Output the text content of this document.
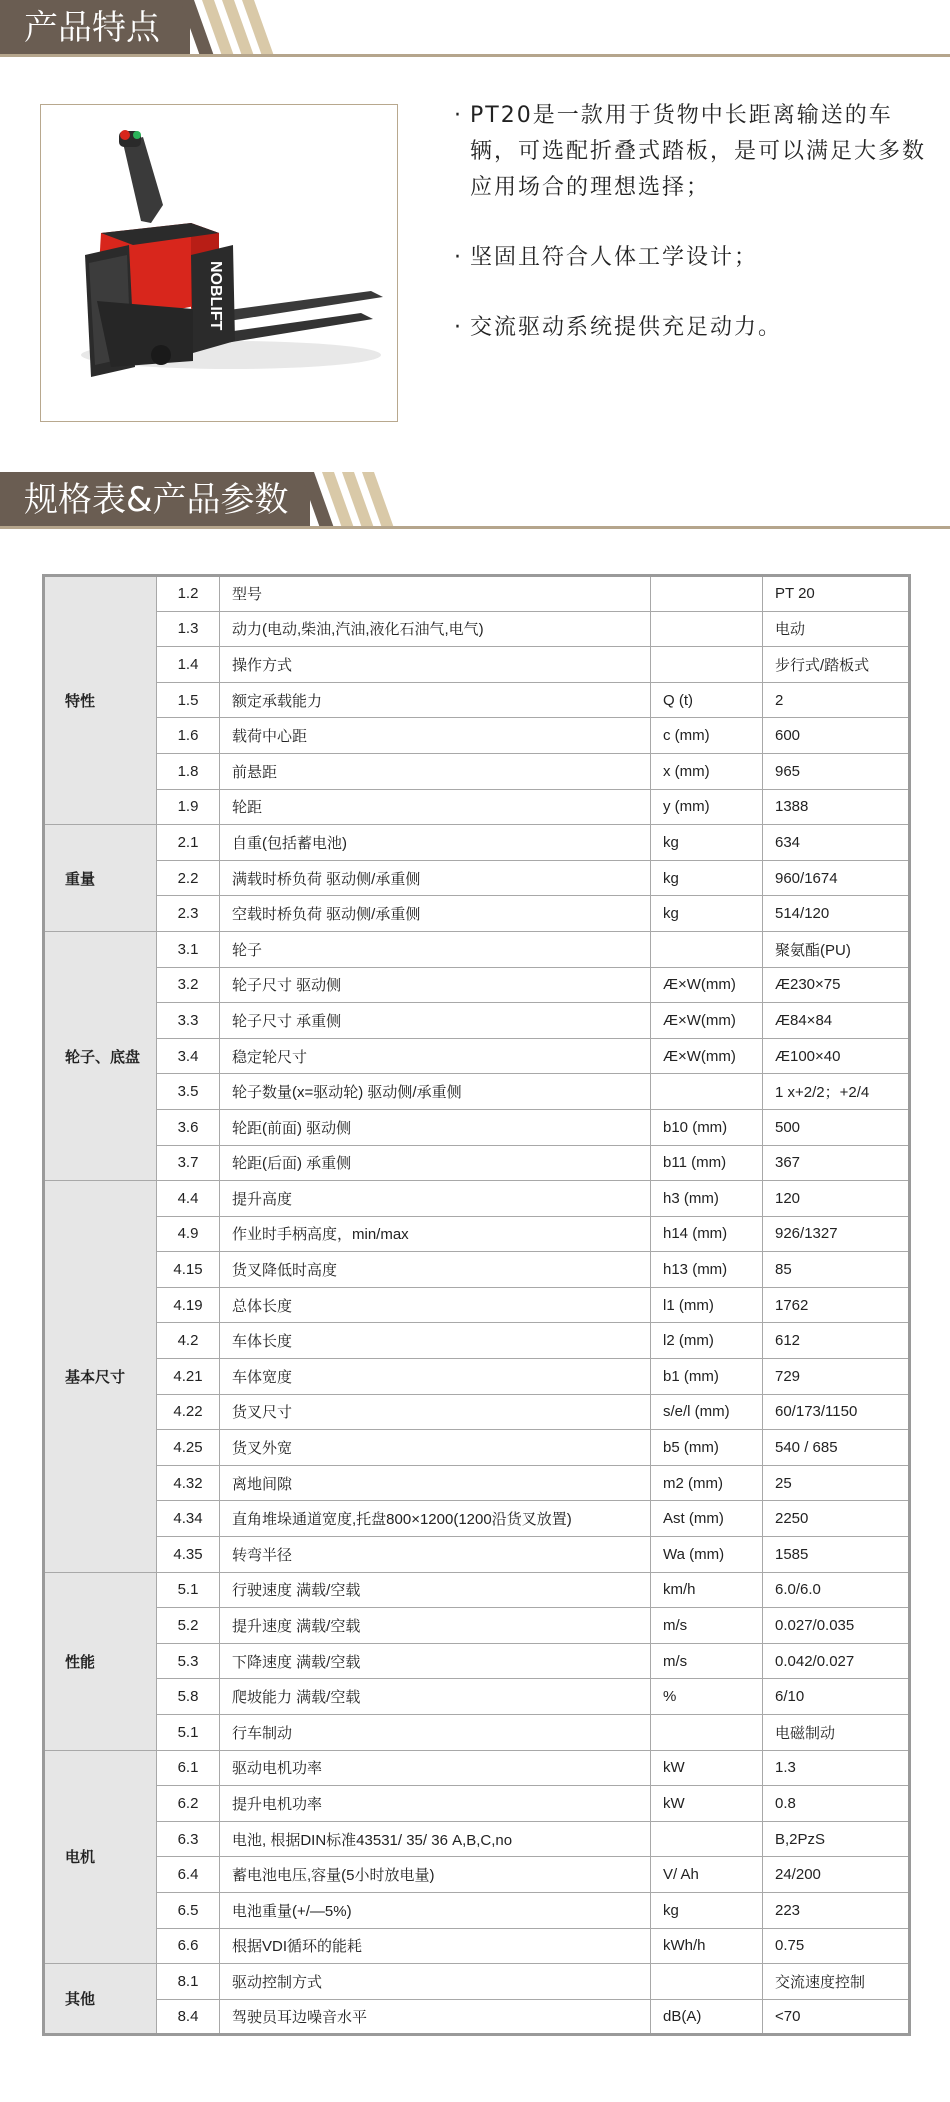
产品特点
NOBLIFT
· PT20是一款用于货物中长距离输送的车辆，可选配折叠式踏板，是可以满足大多数应用场合的理想选择；
· 坚固且符合人体工学设计；
· 交流驱动系统提供充足动力。
规格表&产品参数
特性	1.2	型号		PT 20
	1.3	动力(电动,柴油,汽油,液化石油气,电气)		电动
	1.4	操作方式		步行式/踏板式
	1.5	额定承载能力	Q (t)	2
	1.6	载荷中心距	c (mm)	600
	1.8	前悬距	x (mm)	965
	1.9	轮距	y (mm)	1388
重量	2.1	自重(包括蓄电池)	kg	634
	2.2	满载时桥负荷 驱动侧/承重侧	kg	960/1674
	2.3	空载时桥负荷 驱动侧/承重侧	kg	514/120
轮子、底盘	3.1	轮子		聚氨酯(PU)
	3.2	轮子尺寸 驱动侧	Æ×W(mm)	Æ230×75
	3.3	轮子尺寸 承重侧	Æ×W(mm)	Æ84×84
	3.4	稳定轮尺寸	Æ×W(mm)	Æ100×40
	3.5	轮子数量(x=驱动轮) 驱动侧/承重侧		1 x+2/2；+2/4
	3.6	轮距(前面) 驱动侧	b10 (mm)	500
	3.7	轮距(后面) 承重侧	b11 (mm)	367
基本尺寸	4.4	提升高度	h3 (mm)	120
	4.9	作业时手柄高度，min/max	h14 (mm)	926/1327
	4.15	货叉降低时高度	h13 (mm)	85
	4.19	总体长度	l1 (mm)	1762
	4.2	车体长度	l2 (mm)	612
	4.21	车体宽度	b1 (mm)	729
	4.22	货叉尺寸	s/e/l (mm)	60/173/1150
	4.25	货叉外宽	b5 (mm)	540 / 685
	4.32	离地间隙	m2 (mm)	25
	4.34	直角堆垛通道宽度,托盘800×1200(1200沿货叉放置)	Ast (mm)	2250
	4.35	转弯半径	Wa (mm)	1585
性能	5.1	行驶速度 满载/空载	km/h	6.0/6.0
	5.2	提升速度 满载/空载	m/s	0.027/0.035
	5.3	下降速度 满载/空载	m/s	0.042/0.027
	5.8	爬坡能力 满载/空载	%	6/10
	5.1	行车制动		电磁制动
电机	6.1	驱动电机功率	kW	1.3
	6.2	提升电机功率	kW	0.8
	6.3	电池, 根据DIN标准43531/ 35/ 36 A,B,C,no		B,2PzS
	6.4	蓄电池电压,容量(5小时放电量)	V/ Ah	24/200
	6.5	电池重量(+/—5%)	kg	223
	6.6	根据VDI循环的能耗	kWh/h	0.75
其他	8.1	驱动控制方式		交流速度控制
	8.4	驾驶员耳边噪音水平	dB(A)	<70
